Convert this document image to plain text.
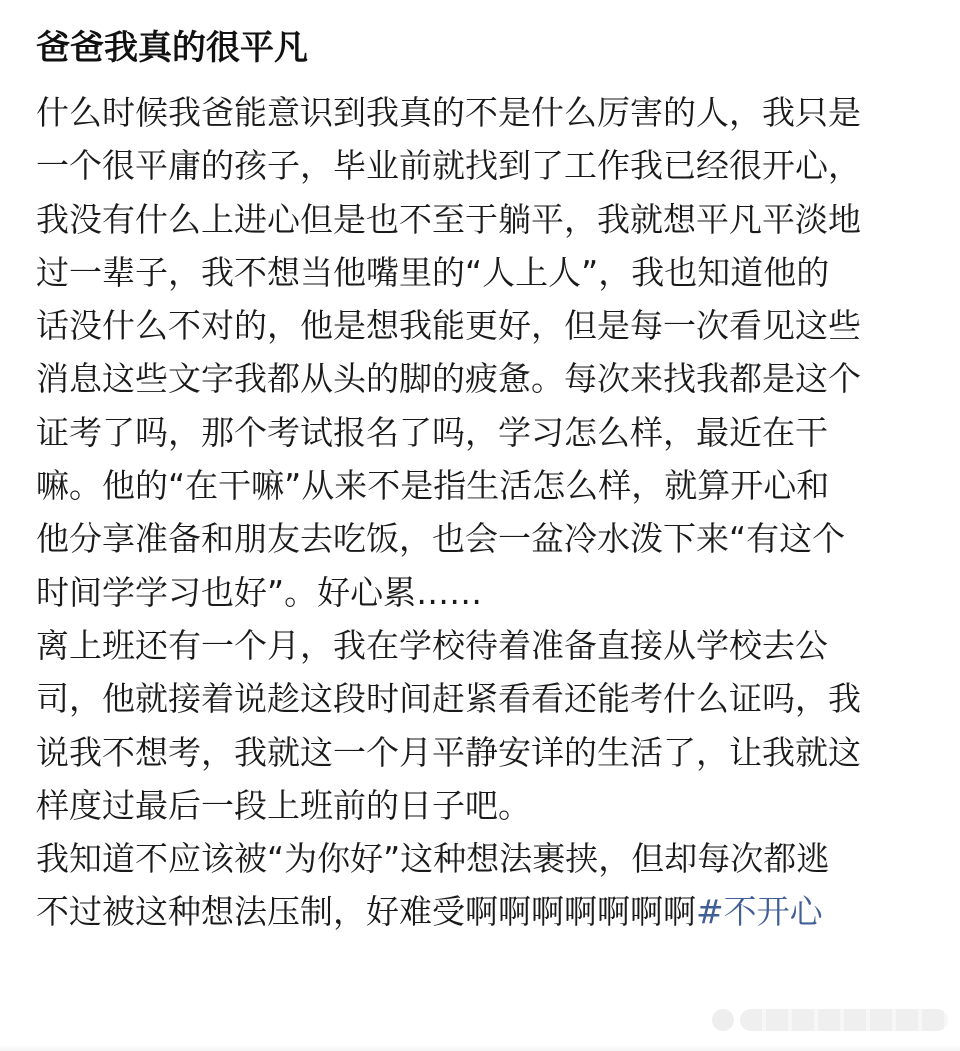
爸爸我真的很平凡

什么时候我爸能意识到我真的不是什么厉害的人，我只是
一个很平庸的孩子，毕业前就找到了工作我已经很开心，
我没有什么上进心但是也不至于躺平，我就想平凡平淡地
过一辈子，我不想当他嘴里的“人上人”，我也知道他的
话没什么不对的，他是想我能更好，但是每一次看见这些
消息这些文字我都从头的脚的疲惫。每次来找我都是这个
证考了吗，那个考试报名了吗，学习怎么样，最近在干
嘛。他的“在干嘛”从来不是指生活怎么样，就算开心和
他分享准备和朋友去吃饭，也会一盆冷水泼下来“有这个
时间学学习也好”。好心累……

离上班还有一个月，我在学校待着准备直接从学校去公
司，他就接着说趁这段时间赶紧看看还能考什么证吗，我
说我不想考，我就这一个月平静安详的生活了，让我就这
样度过最后一段上班前的日子吧。

我知道不应该被“为你好”这种想法裹挟，但却每次都逃
不过被这种想法压制，好难受啊啊啊啊啊啊啊#不开心
